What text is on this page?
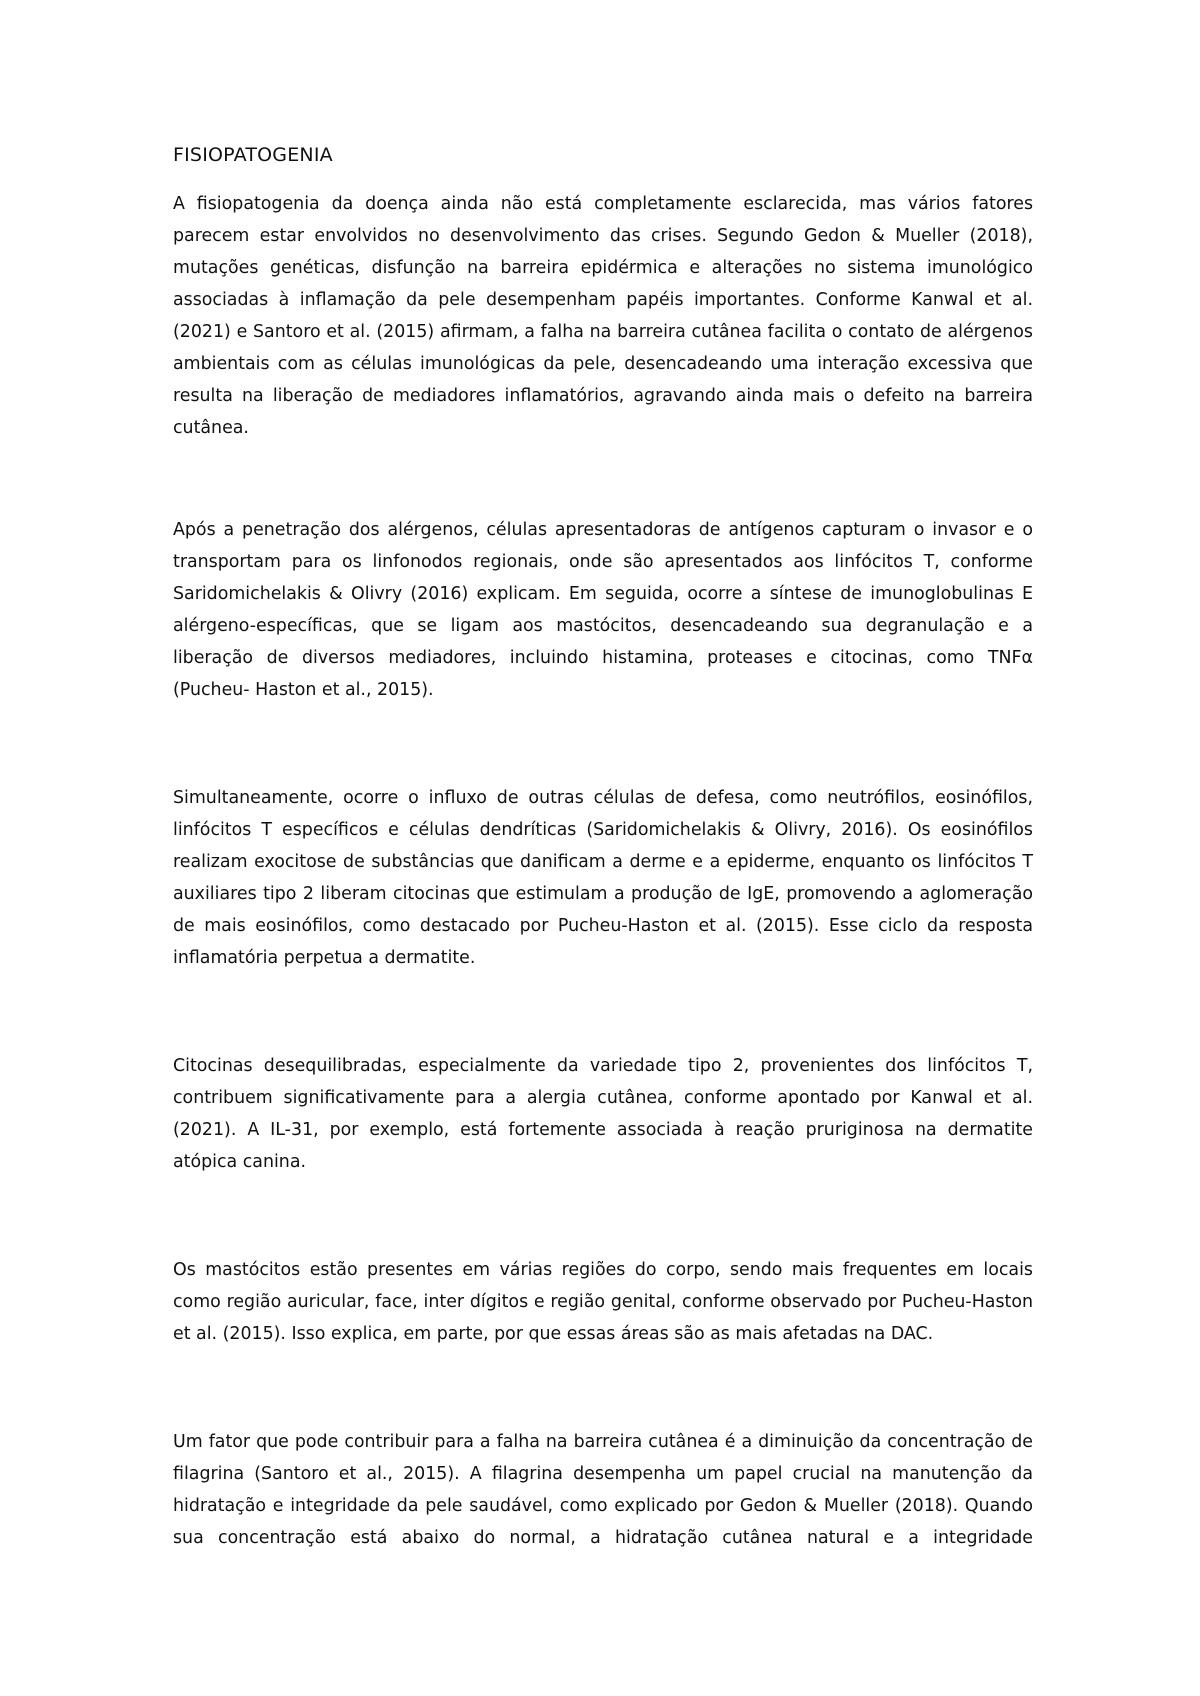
FISIOPATOGENIA

A fisiopatogenia da doença ainda não está completamente esclarecida, mas vários fatores parecem estar envolvidos no desenvolvimento das crises. Segundo Gedon & Mueller (2018), mutações genéticas, disfunção na barreira epidérmica e alterações no sistema imunológico associadas à inflamação da pele desempenham papéis importantes. Conforme Kanwal et al. (2021) e Santoro et al. (2015) afirmam, a falha na barreira cutânea facilita o contato de alérgenos ambientais com as células imunológicas da pele, desencadeando uma interação excessiva que resulta na liberação de mediadores inflamatórios, agravando ainda mais o defeito na barreira cutânea.

Após a penetração dos alérgenos, células apresentadoras de antígenos capturam o invasor e o transportam para os linfonodos regionais, onde são apresentados aos linfócitos T, conforme Saridomichelakis & Olivry (2016) explicam. Em seguida, ocorre a síntese de imunoglobulinas E alérgeno-específicas, que se ligam aos mastócitos, desencadeando sua degranulação e a liberação de diversos mediadores, incluindo histamina, proteases e citocinas, como TNFα (Pucheu- Haston et al., 2015).

Simultaneamente, ocorre o influxo de outras células de defesa, como neutrófilos, eosinófilos, linfócitos T específicos e células dendríticas (Saridomichelakis & Olivry, 2016). Os eosinófilos realizam exocitose de substâncias que danificam a derme e a epiderme, enquanto os linfócitos T auxiliares tipo 2 liberam citocinas que estimulam a produção de IgE, promovendo a aglomeração de mais eosinófilos, como destacado por Pucheu-Haston et al. (2015). Esse ciclo da resposta inflamatória perpetua a dermatite.

Citocinas desequilibradas, especialmente da variedade tipo 2, provenientes dos linfócitos T, contribuem significativamente para a alergia cutânea, conforme apontado por Kanwal et al. (2021). A IL-31, por exemplo, está fortemente associada à reação pruriginosa na dermatite atópica canina.

Os mastócitos estão presentes em várias regiões do corpo, sendo mais frequentes em locais como região auricular, face, inter dígitos e região genital, conforme observado por Pucheu-Haston et al. (2015). Isso explica, em parte, por que essas áreas são as mais afetadas na DAC.

Um fator que pode contribuir para a falha na barreira cutânea é a diminuição da concentração de filagrina (Santoro et al., 2015). A filagrina desempenha um papel crucial na manutenção da hidratação e integridade da pele saudável, como explicado por Gedon & Mueller (2018). Quando sua concentração está abaixo do normal, a hidratação cutânea natural e a integridade
